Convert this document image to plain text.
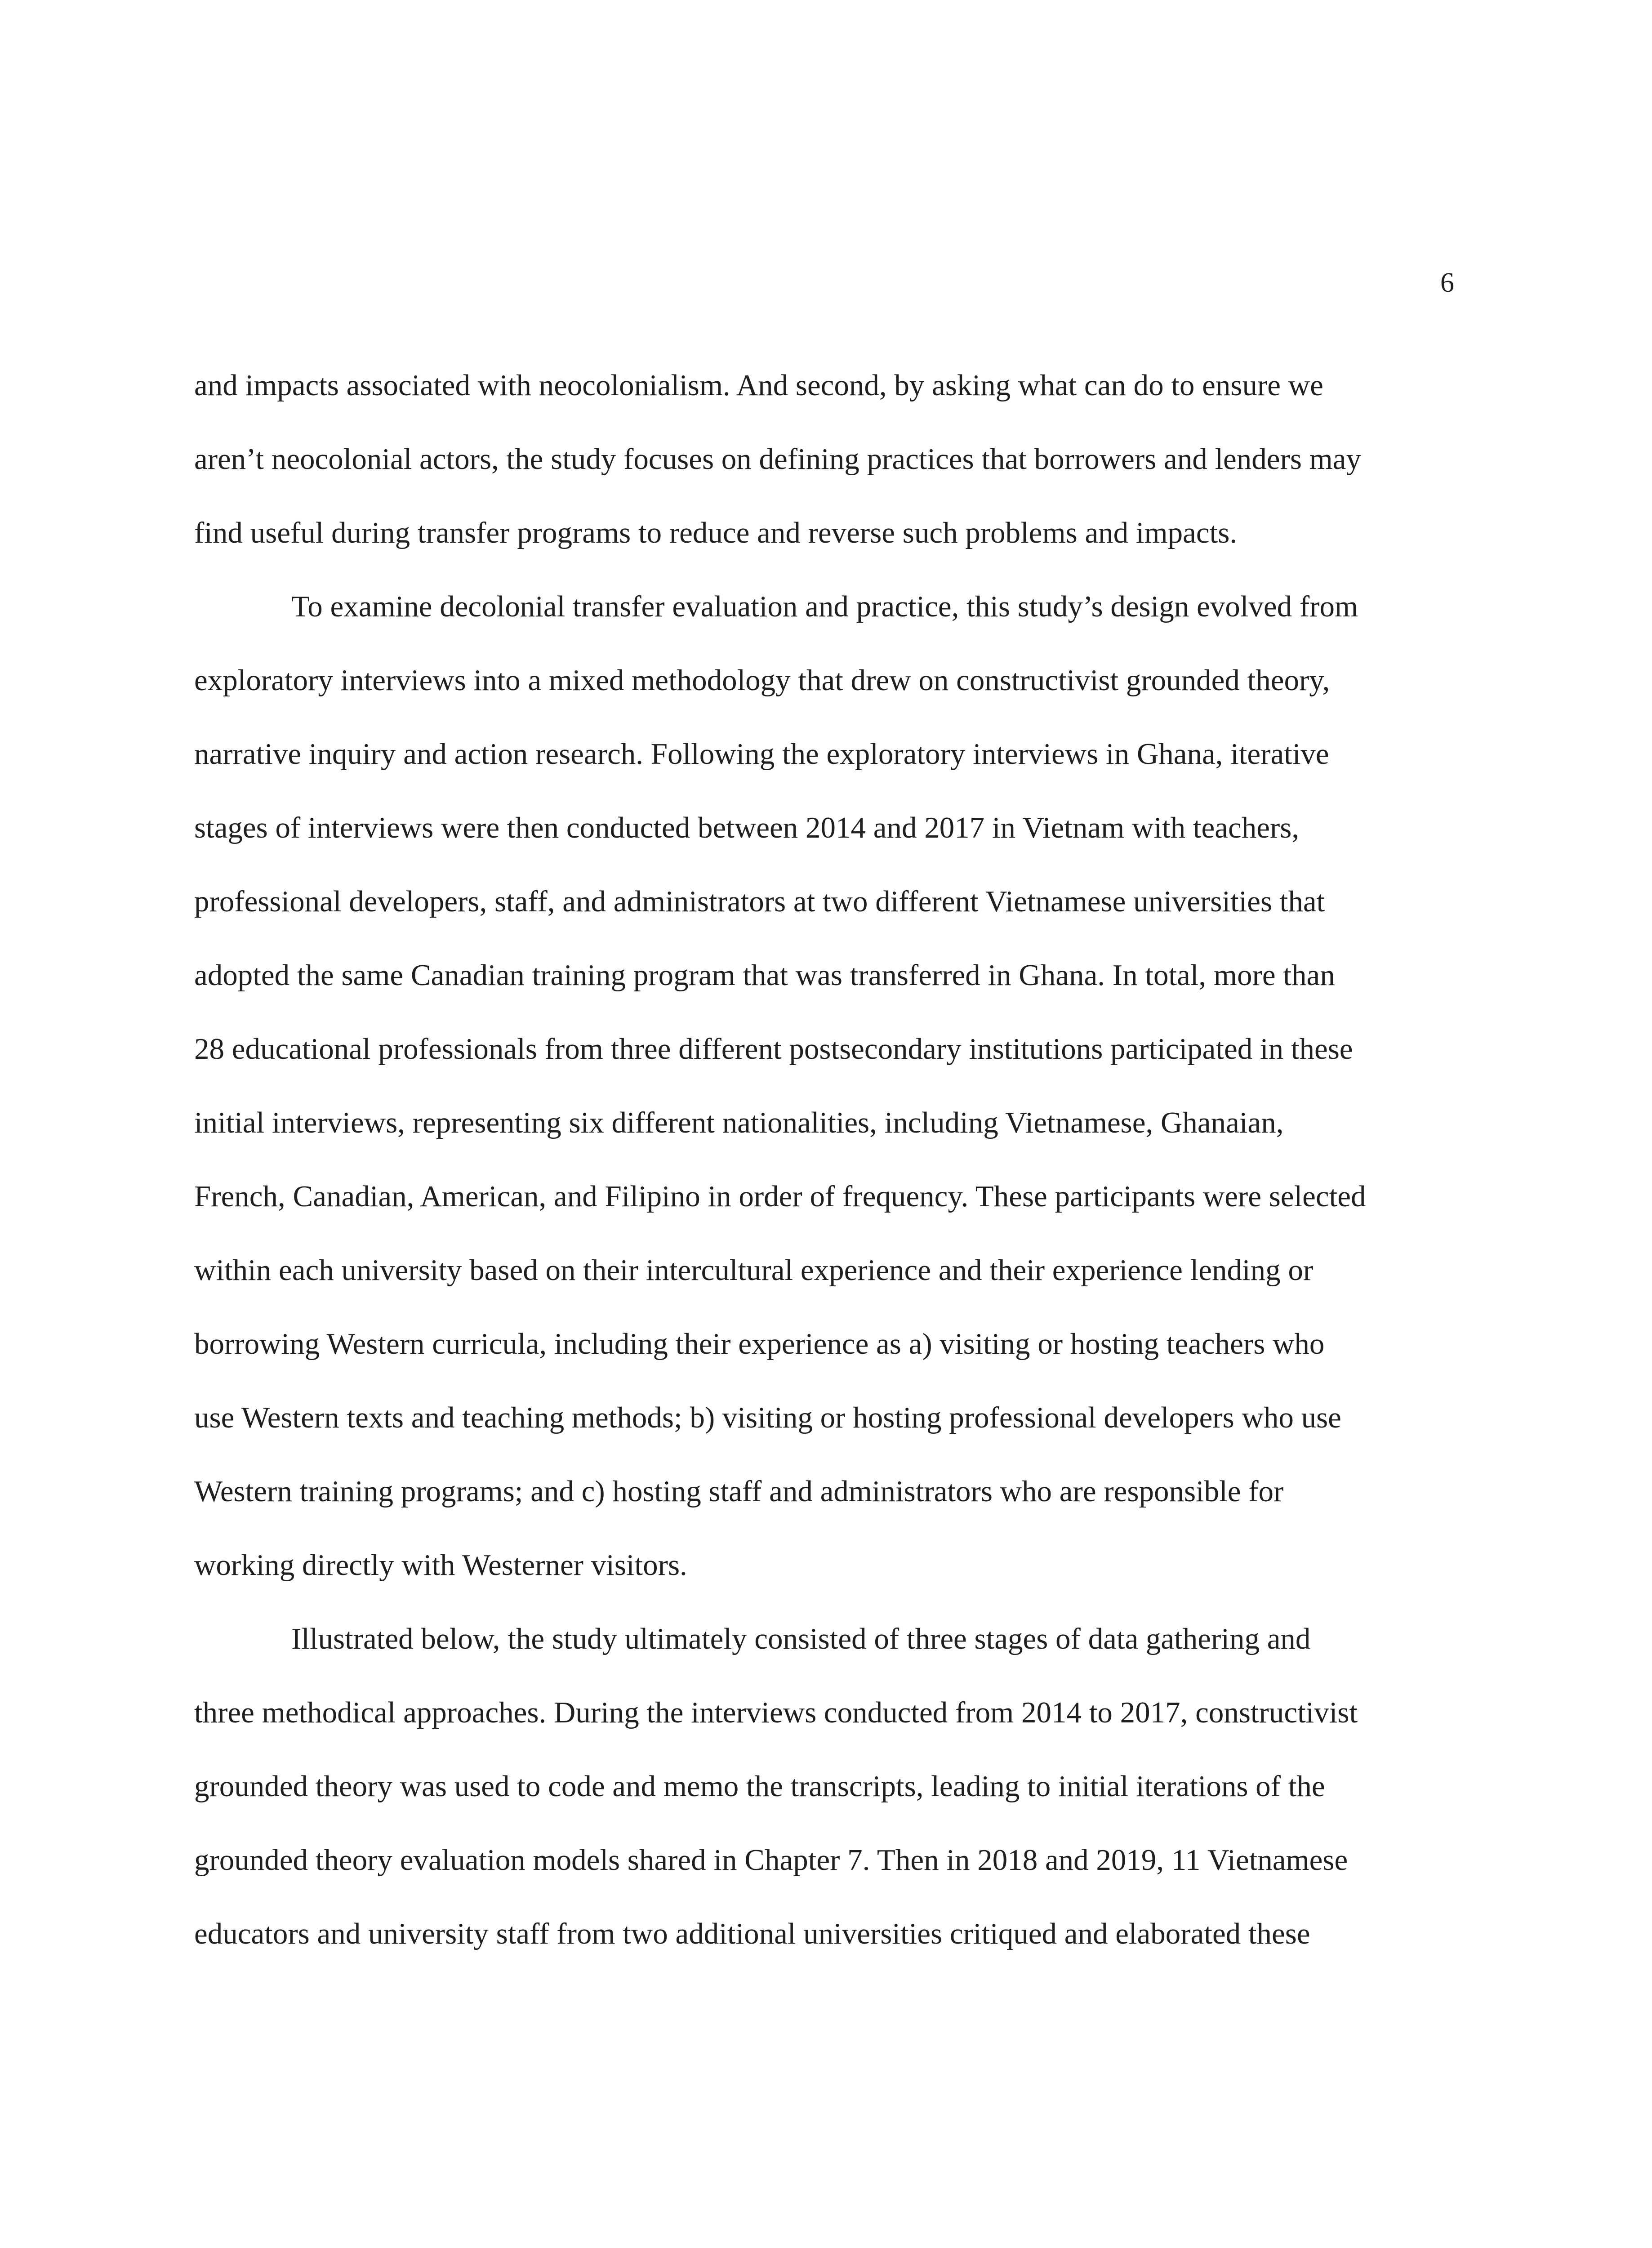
6
and impacts associated with neocolonialism. And second, by asking what can do to ensure we
aren’t neocolonial actors, the study focuses on defining practices that borrowers and lenders may
find useful during transfer programs to reduce and reverse such problems and impacts.
To examine decolonial transfer evaluation and practice, this study’s design evolved from
exploratory interviews into a mixed methodology that drew on constructivist grounded theory,
narrative inquiry and action research. Following the exploratory interviews in Ghana, iterative
stages of interviews were then conducted between 2014 and 2017 in Vietnam with teachers,
professional developers, staff, and administrators at two different Vietnamese universities that
adopted the same Canadian training program that was transferred in Ghana. In total, more than
28 educational professionals from three different postsecondary institutions participated in these
initial interviews, representing six different nationalities, including Vietnamese, Ghanaian,
French, Canadian, American, and Filipino in order of frequency. These participants were selected
within each university based on their intercultural experience and their experience lending or
borrowing Western curricula, including their experience as a) visiting or hosting teachers who
use Western texts and teaching methods; b) visiting or hosting professional developers who use
Western training programs; and c) hosting staff and administrators who are responsible for
working directly with Westerner visitors.
Illustrated below, the study ultimately consisted of three stages of data gathering and
three methodical approaches. During the interviews conducted from 2014 to 2017, constructivist
grounded theory was used to code and memo the transcripts, leading to initial iterations of the
grounded theory evaluation models shared in Chapter 7. Then in 2018 and 2019, 11 Vietnamese
educators and university staff from two additional universities critiqued and elaborated these
